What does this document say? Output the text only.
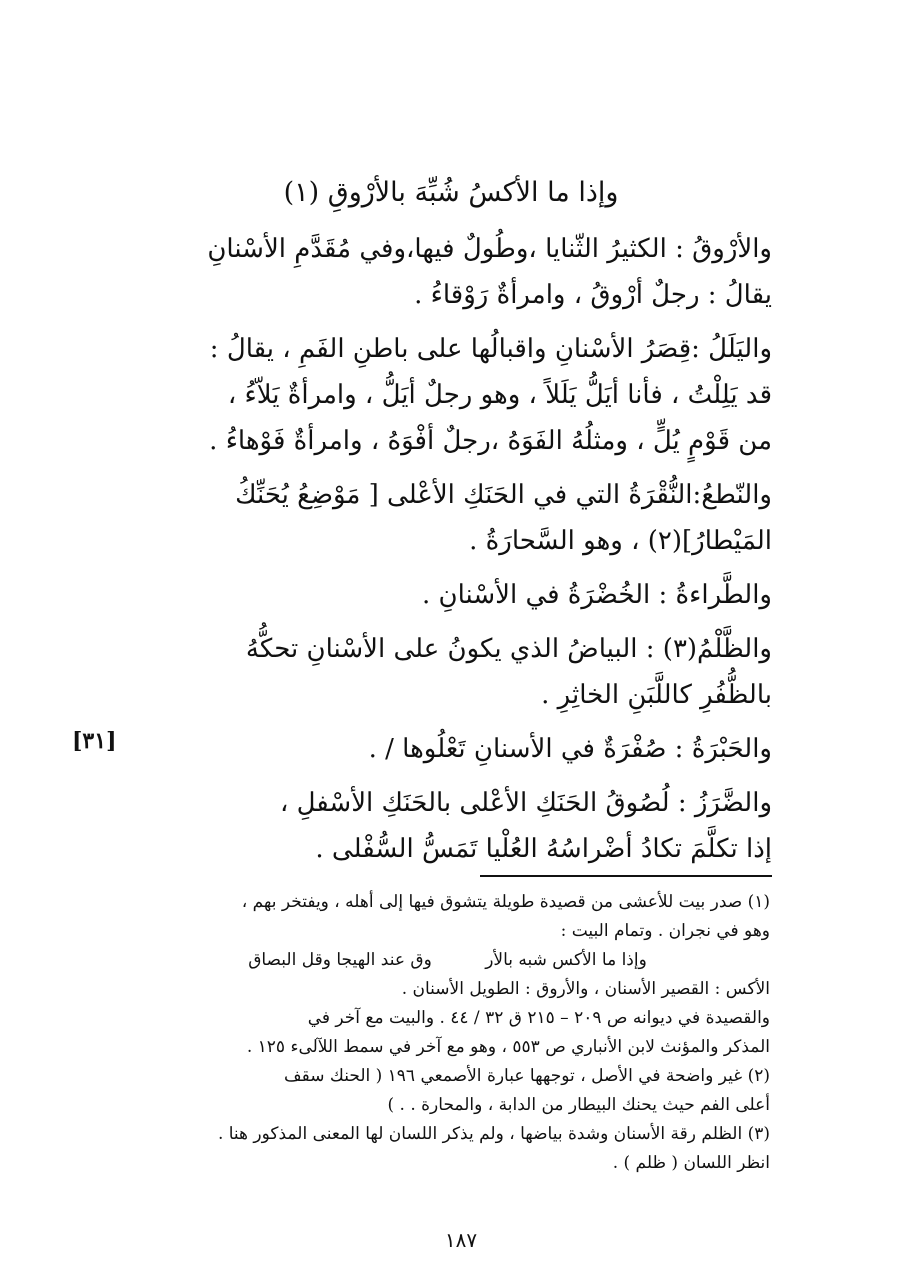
وإذا ما الأكسُ شُبِّهَ بالأرْوقِ (١)

والأرْوقُ : الكثيرُ الثّنايا ،وطُولٌ فيها،وفي مُقَدَّمِ الأسْنانِ

يقالُ : رجلٌ أرْوقُ ، وامرأةٌ رَوْقاءُ .

واليَلَلُ :قِصَرُ الأسْنانِ واقبالُها على باطنِ الفَمِ ، يقالُ :

قد يَلِلْتُ ، فأنا أيَلُّ يَلَلاً ، وهو رجلٌ أيَلُّ ، وامرأةٌ يَلاّءُ ،

من قَوْمٍ يُلٍّ ، ومثلُهُ الفَوَهُ ،رجلٌ أفْوَهُ ، وامرأةٌ فَوْهاءُ .

والنّطعُ:النُّقْرَةُ التي في الحَنَكِ الأعْلى [ مَوْضِعُ يُحَنِّكُ

المَيْطارُ](٢) ، وهو السَّحارَةُ .

والطَّراءةُ : الخُضْرَةُ في الأسْنانِ .

والظَّلْمُ(٣) : البياضُ الذي يكونُ على الأسْنانِ تحكُّهُ

بالظُّفُرِ كاللَّبَنِ الخاثِرِ .

والحَبْرَةُ : صُفْرَةٌ في الأسنانِ تَعْلُوها / .

والضَّرَزُ : لُصُوقُ الحَنَكِ الأعْلى بالحَنَكِ الأسْفلِ ،

إذا تكلَّمَ تكادُ أضْراسُهُ العُلْيا تَمَسُّ السُّفْلى .

[٣١]

(١) صدر بيت للأعشى من قصيدة طويلة يتشوق فيها إلى أهله ، ويفتخر بهم ،

وهو في نجران . وتمام البيت :

وإذا ما الأكس شبه بالأر وق عند الهيجا وقل البصاق

الأكس : القصير الأسنان ، والأروق : الطويل الأسنان .

والقصيدة في ديوانه ص ٢٠٩ – ٢١٥ ق ٣٢ / ٤٤ . والبيت مع آخر في

المذكر والمؤنث لابن الأنباري ص ٥٥٣ ، وهو مع آخر في سمط اللآلىء ١٢٥ .

(٢) غير واضحة في الأصل ، توجهها عبارة الأصمعي ١٩٦ ( الحنك سقف

أعلى الفم حيث يحنك البيطار من الدابة ، والمحارة . . )

(٣) الظلم رقة الأسنان وشدة بياضها ، ولم يذكر اللسان لها المعنى المذكور هنا .

انظر اللسان ( ظلم ) .

١٨٧
